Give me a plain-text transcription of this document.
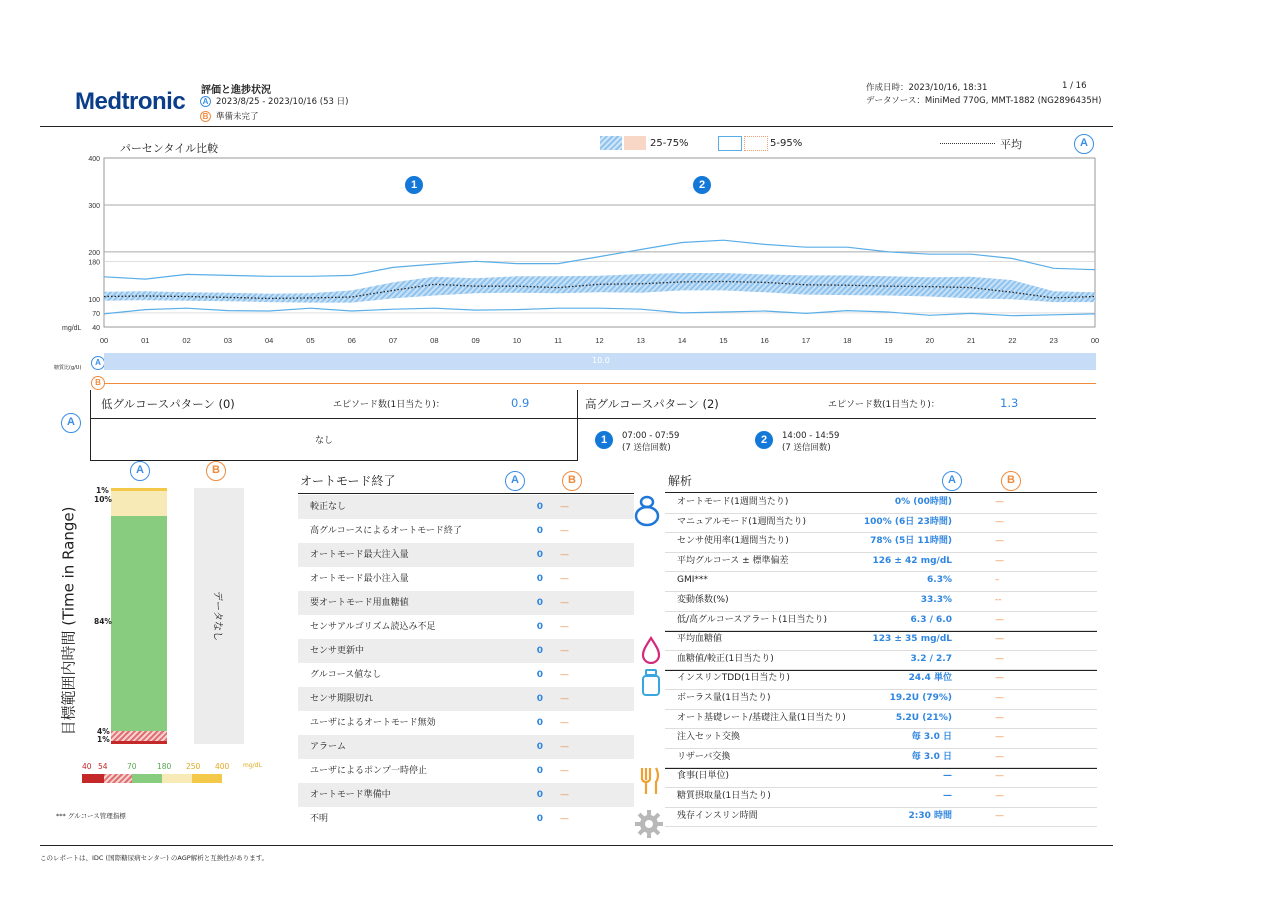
Medtronic 評価と進捗状況
A 2023/8/25 - 2023/10/16 (53 日)
B 準備未完了
作成日時：2023/10/16, 18:31	1 / 16
データソース：MiniMed 770G, MMT-1882 (NG2896435H)
パーセンタイル比較	25-75%	5-95%	平均	A
40
70
100
180
200
300
400
mg/dL
00	01	02	03	04	05	06	07	08	09	10	11	12	13	14	15	16	17	18	19	20	21	22	23	00
1	2
糖質比(g/U)
A	10.0
B
A
低グルコースパターン (0)	エピソード数(1日当たり)：	0.9	高グルコースパターン (2)	エピソード数(1日当たり)：	1.3
なし	1	07:00 - 07:59
(7 送信回数)
2	14:00 - 14:59
(7 送信回数)
目標範囲内時間 (Time in Range)
A	B
1%
10%
84%
4%
1%
データなし
40 54	70	180 250 400 mg/dL
*** グルコース管理指標
オートモード終了	A	B
較正なし	0 —
高グルコースによるオートモード終了	0 —
オートモード最大注入量	0 —
オートモード最小注入量	0 —
要オートモード用血糖値	0 —
センサアルゴリズム読込み不足	0 —
センサ更新中	0 —
グルコース値なし	0 —
センサ期限切れ	0 —
ユーザによるオートモード無効	0 —
アラーム	0 —
ユーザによるポンプ一時停止	0 —
オートモード準備中	0 —
不明	0 —
解析	A	B
オートモード(1週間当たり)	0% (00時間)	—
マニュアルモード(1週間当たり)	100% (6日 23時間)	—
センサ使用率(1週間当たり)	78% (5日 11時間)	—
平均グルコース ± 標準偏差	126 ± 42 mg/dL	—
GMI***	6.3%	–
変動係数(%)	33.3%	--
低/高グルコースアラート(1日当たり)	6.3 / 6.0	—
平均血糖値	123 ± 35 mg/dL	—
血糖値/較正(1日当たり)	3.2 / 2.7	—
インスリンTDD(1日当たり)	24.4 単位	—
ボーラス量(1日当たり)	19.2U (79%)	—
オート基礎レート/基礎注入量(1日当たり)	5.2U (21%)	—
注入セット交換	毎 3.0 日	—
リザーバ交換	毎 3.0 日	—
食事(日単位)	—	—
糖質摂取量(1日当たり)	—	—
残存インスリン時間	2:30 時間	—
このレポートは、IDC (国際糖尿病センター) のAGP解析と互換性があります。
